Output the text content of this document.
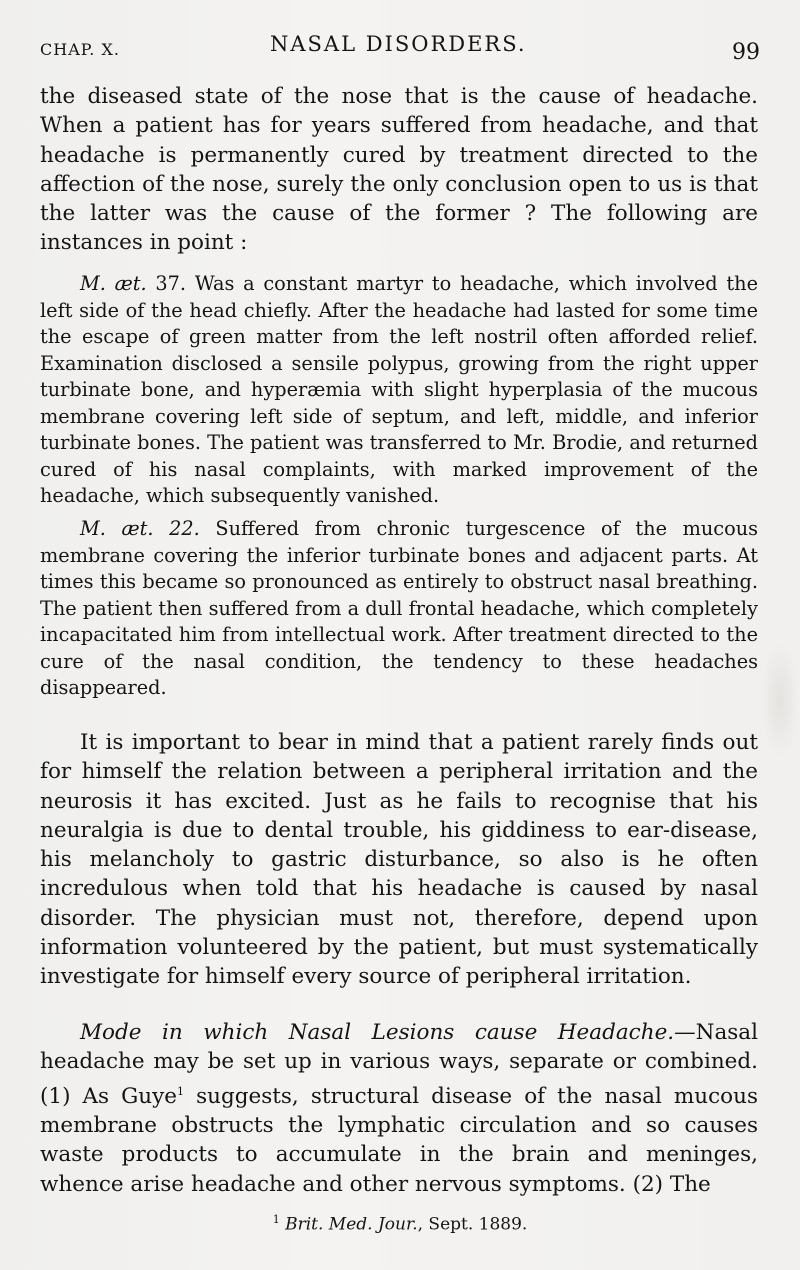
CHAP. X.	NASAL DISORDERS.	99

the diseased state of the nose that is the cause of headache. When a patient has for years suffered from headache, and that headache is permanently cured by treatment directed to the affection of the nose, surely the only conclusion open to us is that the latter was the cause of the former ? The following are instances in point :

M. æt. 37. Was a constant martyr to headache, which involved the left side of the head chiefly. After the headache had lasted for some time the escape of green matter from the left nostril often afforded relief. Examination disclosed a sensile polypus, growing from the right upper turbinate bone, and hyperæmia with slight hyperplasia of the mucous membrane covering left side of septum, and left, middle, and inferior turbinate bones. The patient was transferred to Mr. Brodie, and returned cured of his nasal complaints, with marked improvement of the headache, which subsequently vanished.

M. æt. 22. Suffered from chronic turgescence of the mucous membrane covering the inferior turbinate bones and adjacent parts. At times this became so pronounced as entirely to obstruct nasal breathing. The patient then suffered from a dull frontal headache, which completely incapacitated him from intellectual work. After treatment directed to the cure of the nasal condition, the tendency to these headaches disappeared.

It is important to bear in mind that a patient rarely finds out for himself the relation between a peripheral irritation and the neurosis it has excited. Just as he fails to recognise that his neuralgia is due to dental trouble, his giddiness to ear-disease, his melancholy to gastric disturbance, so also is he often incredulous when told that his headache is caused by nasal disorder. The physician must not, therefore, depend upon information volunteered by the patient, but must systematically investigate for himself every source of peripheral irritation.

Mode in which Nasal Lesions cause Headache.—Nasal headache may be set up in various ways, separate or combined. (1) As Guye$^1$ suggests, structural disease of the nasal mucous membrane obstructs the lymphatic circulation and so causes waste products to accumulate in the brain and meninges, whence arise headache and other nervous symptoms. (2) The

$^1$ Brit. Med. Jour., Sept. 1889.
